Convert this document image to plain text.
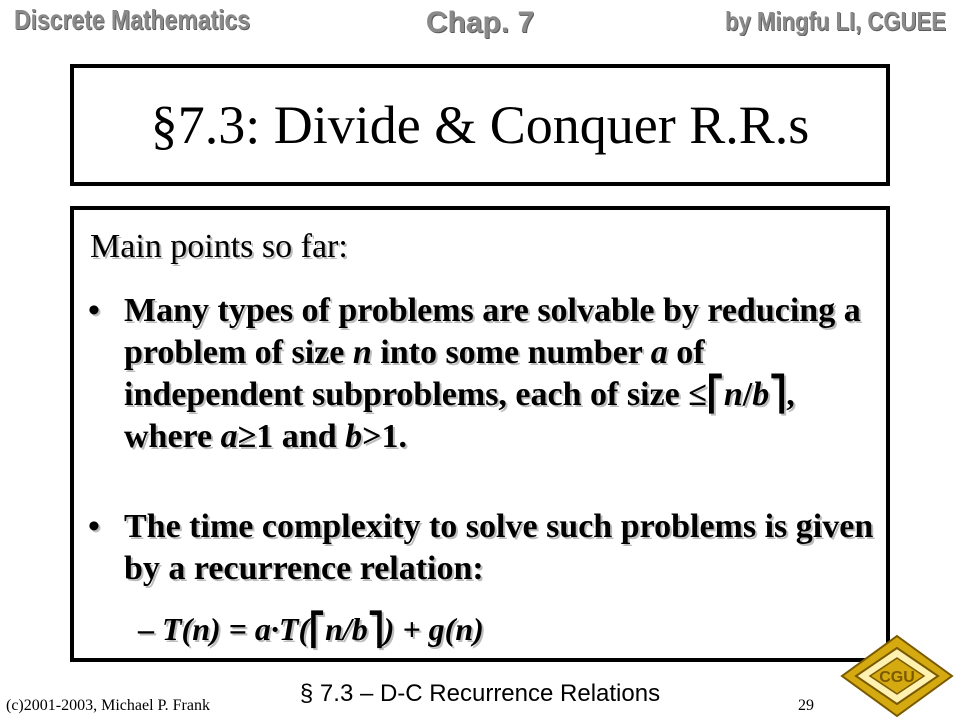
Discrete Mathematics	Chap. 7	by Mingfu LI, CGUEE
§7.3: Divide & Conquer R.R.s
Main points so far:
• Many types of problems are solvable by reducing a problem of size n into some number a of independent subproblems, each of size ≤⎡n/b⎤, where a≥1 and b>1.
• The time complexity to solve such problems is given by a recurrence relation:
– T(n) = a·T(⎡n/b⎤) + g(n)
(c)2001-2003, Michael P. Frank	§ 7.3 – D-C Recurrence Relations	29
CGU
